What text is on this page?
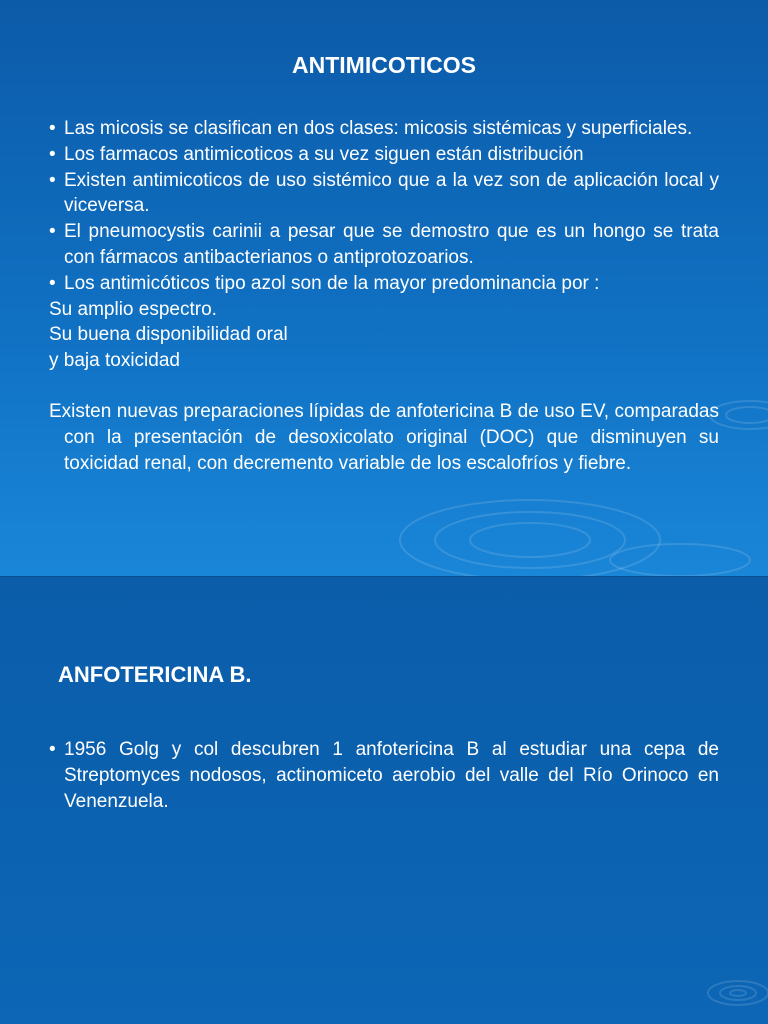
ANTIMICOTICOS
• Las micosis se clasifican en dos clases: micosis sistémicas y superficiales.
• Los farmacos antimicoticos a su vez siguen están distribución
• Existen antimicoticos de uso sistémico que a la vez son de aplicación local y viceversa.
• El pneumocystis carinii a pesar que se demostro que es un hongo se trata con fármacos antibacterianos o antiprotozoarios.
• Los antimicóticos tipo azol son de la mayor predominancia por :

Su amplio espectro.

Su buena disponibilidad oral

y baja toxicidad

Existen nuevas preparaciones lípidas de anfotericina B de uso EV, comparadas con la presentación de desoxicolato original (DOC) que disminuyen su toxicidad renal, con decremento variable de los escalofríos y fiebre.

ANFOTERICINA B.
• 1956 Golg y col descubren 1 anfotericina B al estudiar una cepa de Streptomyces nodosos, actinomiceto aerobio del valle del Río Orinoco en Venenzuela.
